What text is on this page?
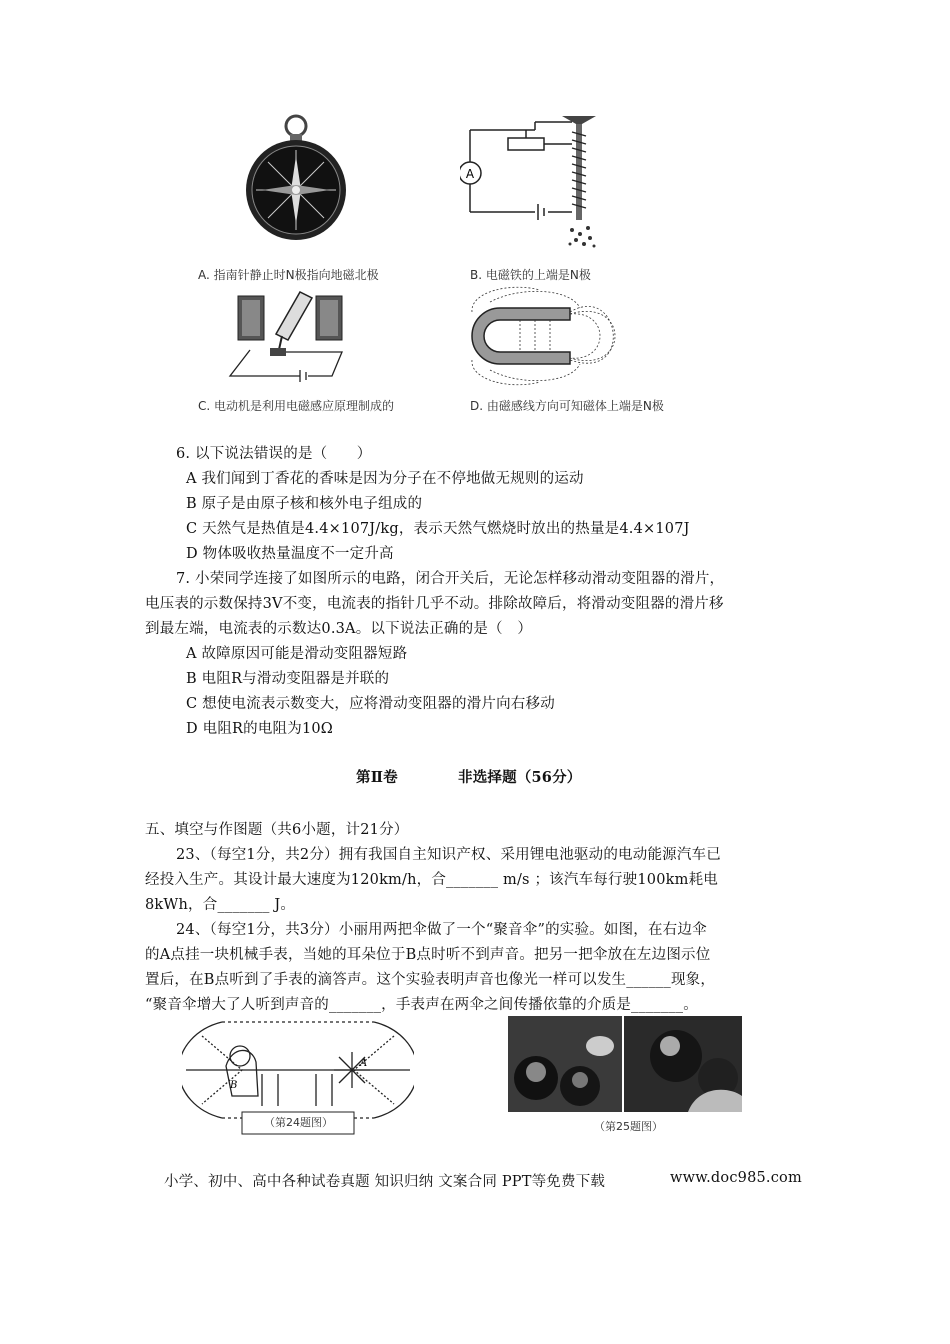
A. 指南针静止时N极指向地磁北极
A
B. 电磁铁的上端是N极
C. 电动机是利用电磁感应原理制成的	D. 由磁感线方向可知磁体上端是N极
6. 以下说法错误的是（　　）
A 我们闻到丁香花的香味是因为分子在不停地做无规则的运动
B 原子是由原子核和核外电子组成的
C 天然气是热值是4.4×107J/kg，表示天然气燃烧时放出的热量是4.4×107J
D 物体吸收热量温度不一定升高
7. 小荣同学连接了如图所示的电路，闭合开关后，无论怎样移动滑动变阻器的滑片，
电压表的示数保持3V不变，电流表的指针几乎不动。排除故障后，将滑动变阻器的滑片移
到最左端，电流表的示数达0.3A。以下说法正确的是（　）
A 故障原因可能是滑动变阻器短路
B 电阻R与滑动变阻器是并联的
C 想使电流表示数变大，应将滑动变阻器的滑片向右移动
D 电阻R的电阻为10Ω
第Ⅱ卷	非选择题（56分）
五、填空与作图题（共6小题，计21分）
23、（每空1分，共2分）拥有我国自主知识产权、采用锂电池驱动的电动能源汽车已
经投入生产。其设计最大速度为120km/h，合_______ m/s ；该汽车每行驶100km耗电
8kWh，合_______ J。
24、（每空1分，共3分）小丽用两把伞做了一个“聚音伞”的实验。如图，在右边伞
的A点挂一块机械手表，当她的耳朵位于B点时听不到声音。把另一把伞放在左边图示位
置后，在B点听到了手表的滴答声。这个实验表明声音也像光一样可以发生______现象，
“聚音伞增大了人听到声音的_______，手表声在两伞之间传播依靠的介质是_______。
B
A
（第24题图）	（第25题图）
小学、初中、高中各种试卷真题 知识归纳 文案合同 PPT等免费下载	www.doc985.com
